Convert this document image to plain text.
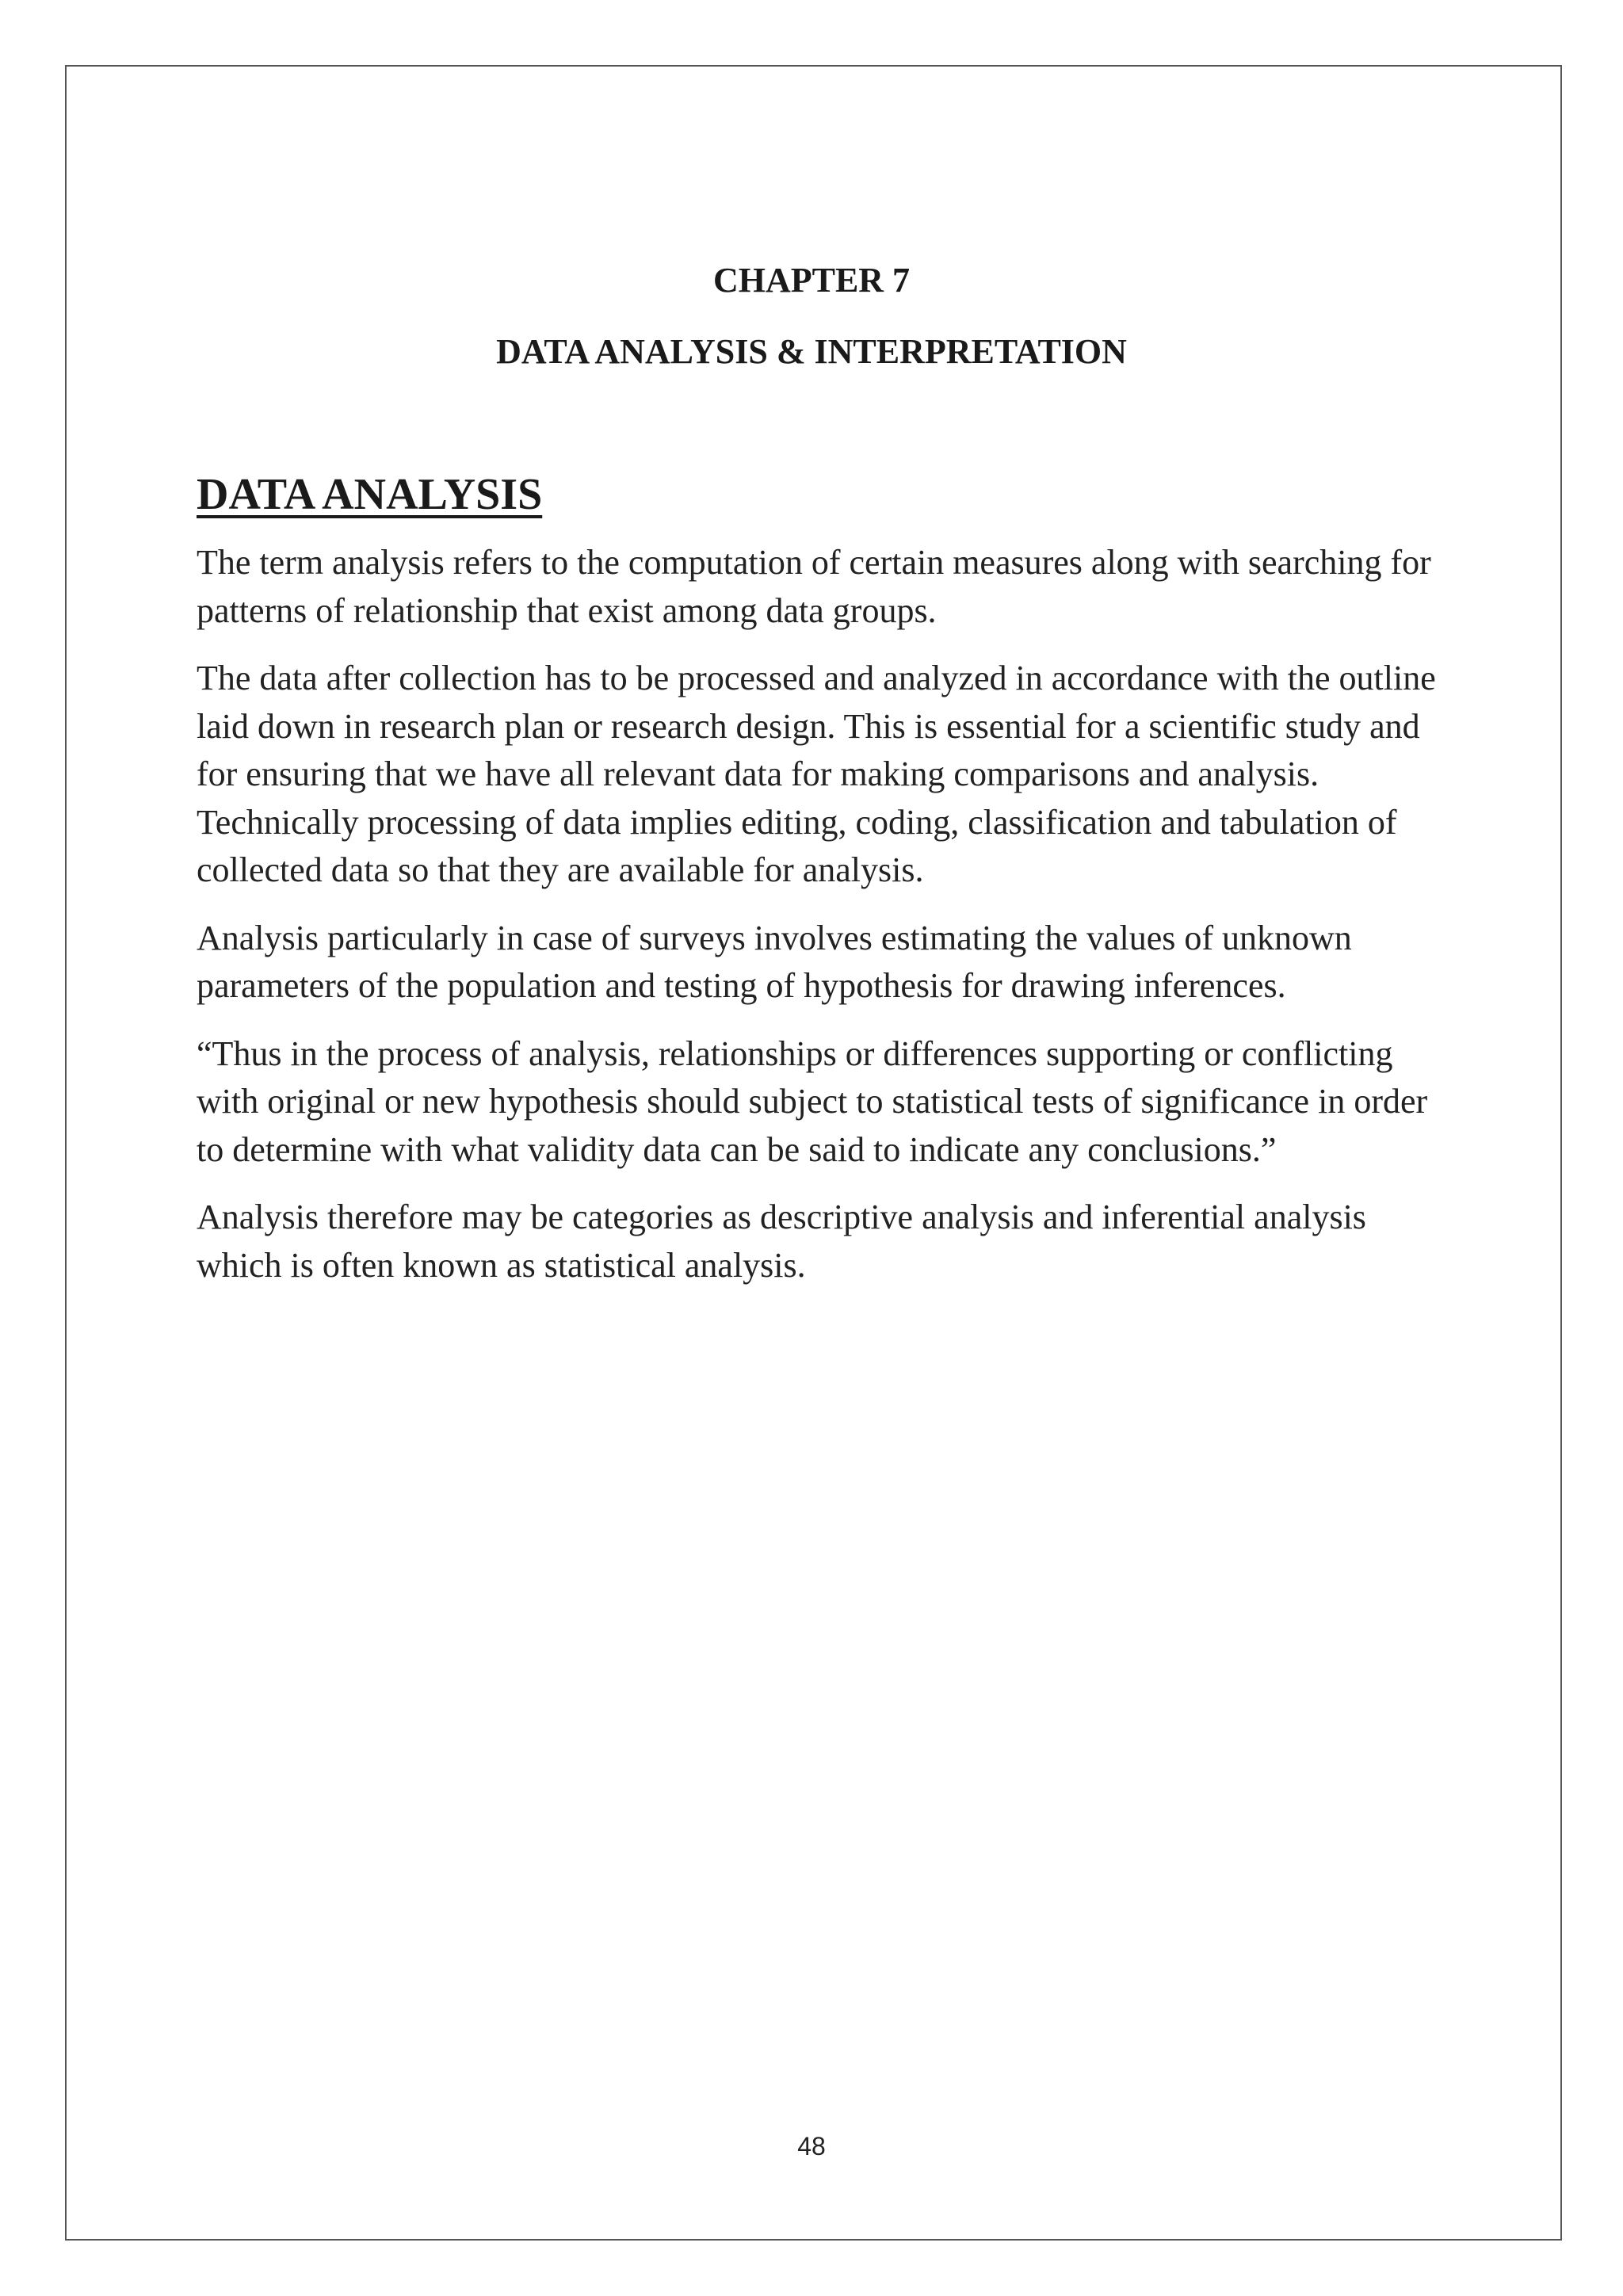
CHAPTER 7
DATA ANALYSIS & INTERPRETATION
DATA ANALYSIS

The term analysis refers to the computation of certain measures along with searching for patterns of relationship that exist among data groups.

The data after collection has to be processed and analyzed in accordance with the outline laid down in research plan or research design. This is essential for a scientific study and for ensuring that we have all relevant data for making comparisons and analysis. Technically processing of data implies editing, coding, classification and tabulation of collected data so that they are available for analysis.

Analysis particularly in case of surveys involves estimating the values of unknown parameters of the population and testing of hypothesis for drawing inferences.

“Thus in the process of analysis, relationships or differences supporting or conflicting with original or new hypothesis should subject to statistical tests of significance in order to determine with what validity data can be said to indicate any conclusions.”

Analysis therefore may be categories as descriptive analysis and inferential analysis which is often known as statistical analysis.

48
